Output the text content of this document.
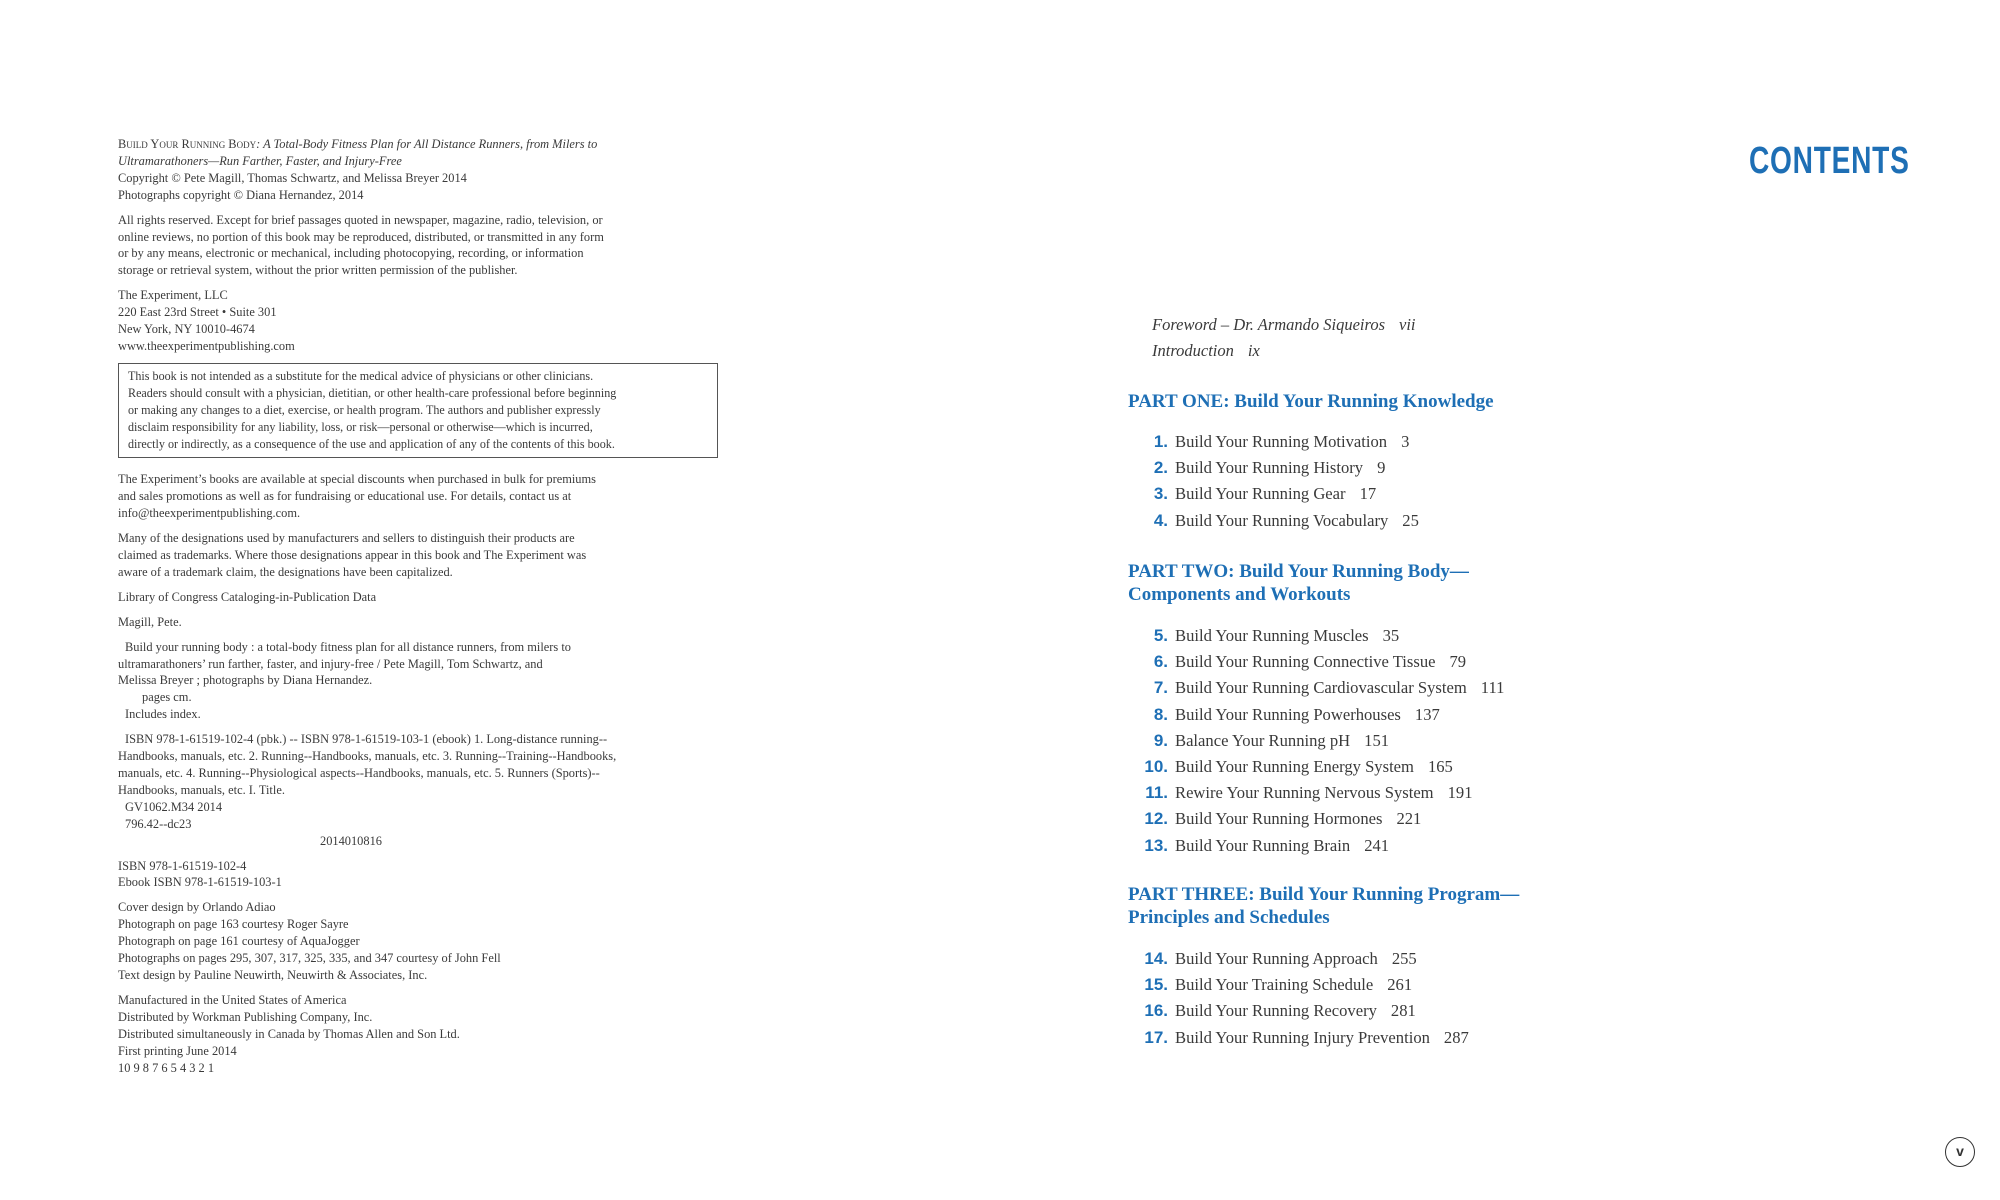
Build Your Running Body: A Total-Body Fitness Plan for All Distance Runners, from Milers to
Ultramarathoners—Run Farther, Faster, and Injury-Free
Copyright © Pete Magill, Thomas Schwartz, and Melissa Breyer 2014
Photographs copyright © Diana Hernandez, 2014

All rights reserved. Except for brief passages quoted in newspaper, magazine, radio, television, or
online reviews, no portion of this book may be reproduced, distributed, or transmitted in any form
or by any means, electronic or mechanical, including photocopying, recording, or information
storage or retrieval system, without the prior written permission of the publisher.

The Experiment, LLC
220 East 23rd Street • Suite 301
New York, NY 10010-4674
www.theexperimentpublishing.com

This book is not intended as a substitute for the medical advice of physicians or other clinicians.
Readers should consult with a physician, dietitian, or other health-care professional before beginning
or making any changes to a diet, exercise, or health program. The authors and publisher expressly
disclaim responsibility for any liability, loss, or risk—personal or otherwise—which is incurred,
directly or indirectly, as a consequence of the use and application of any of the contents of this book.

The Experiment’s books are available at special discounts when purchased in bulk for premiums
and sales promotions as well as for fundraising or educational use. For details, contact us at
info@theexperimentpublishing.com.

Many of the designations used by manufacturers and sellers to distinguish their products are
claimed as trademarks. Where those designations appear in this book and The Experiment was
aware of a trademark claim, the designations have been capitalized.

Library of Congress Cataloging-in-Publication Data

Magill, Pete.

Build your running body : a total-body fitness plan for all distance runners, from milers to
ultramarathoners’ run farther, faster, and injury-free / Pete Magill, Tom Schwartz, and
Melissa Breyer ; photographs by Diana Hernandez.
pages cm.
Includes index.

ISBN 978-1-61519-102-4 (pbk.) -- ISBN 978-1-61519-103-1 (ebook) 1. Long-distance running--
Handbooks, manuals, etc. 2. Running--Handbooks, manuals, etc. 3. Running--Training--Handbooks,
manuals, etc. 4. Running--Physiological aspects--Handbooks, manuals, etc. 5. Runners (Sports)--
Handbooks, manuals, etc. I. Title.
GV1062.M34 2014
796.42--dc23

2014010816

ISBN 978-1-61519-102-4
Ebook ISBN 978-1-61519-103-1

Cover design by Orlando Adiao
Photograph on page 163 courtesy Roger Sayre
Photograph on page 161 courtesy of AquaJogger
Photographs on pages 295, 307, 317, 325, 335, and 347 courtesy of John Fell
Text design by Pauline Neuwirth, Neuwirth & Associates, Inc.

Manufactured in the United States of America
Distributed by Workman Publishing Company, Inc.
Distributed simultaneously in Canada by Thomas Allen and Son Ltd.
First printing June 2014
10 9 8 7 6 5 4 3 2 1

CONTENTS
Foreword – Dr. Armando Siqueiros vii
Introduction ix
PART ONE: Build Your Running Knowledge
1. Build Your Running Motivation 3
2. Build Your Running History 9
3. Build Your Running Gear 17
4. Build Your Running Vocabulary 25
PART TWO: Build Your Running Body—
Components and Workouts
5. Build Your Running Muscles 35
6. Build Your Running Connective Tissue 79
7. Build Your Running Cardiovascular System 111
8. Build Your Running Powerhouses 137
9. Balance Your Running pH 151
10. Build Your Running Energy System 165
11. Rewire Your Running Nervous System 191
12. Build Your Running Hormones 221
13. Build Your Running Brain 241
PART THREE: Build Your Running Program—
Principles and Schedules
14. Build Your Running Approach 255
15. Build Your Training Schedule 261
16. Build Your Running Recovery 281
17. Build Your Running Injury Prevention 287
v
